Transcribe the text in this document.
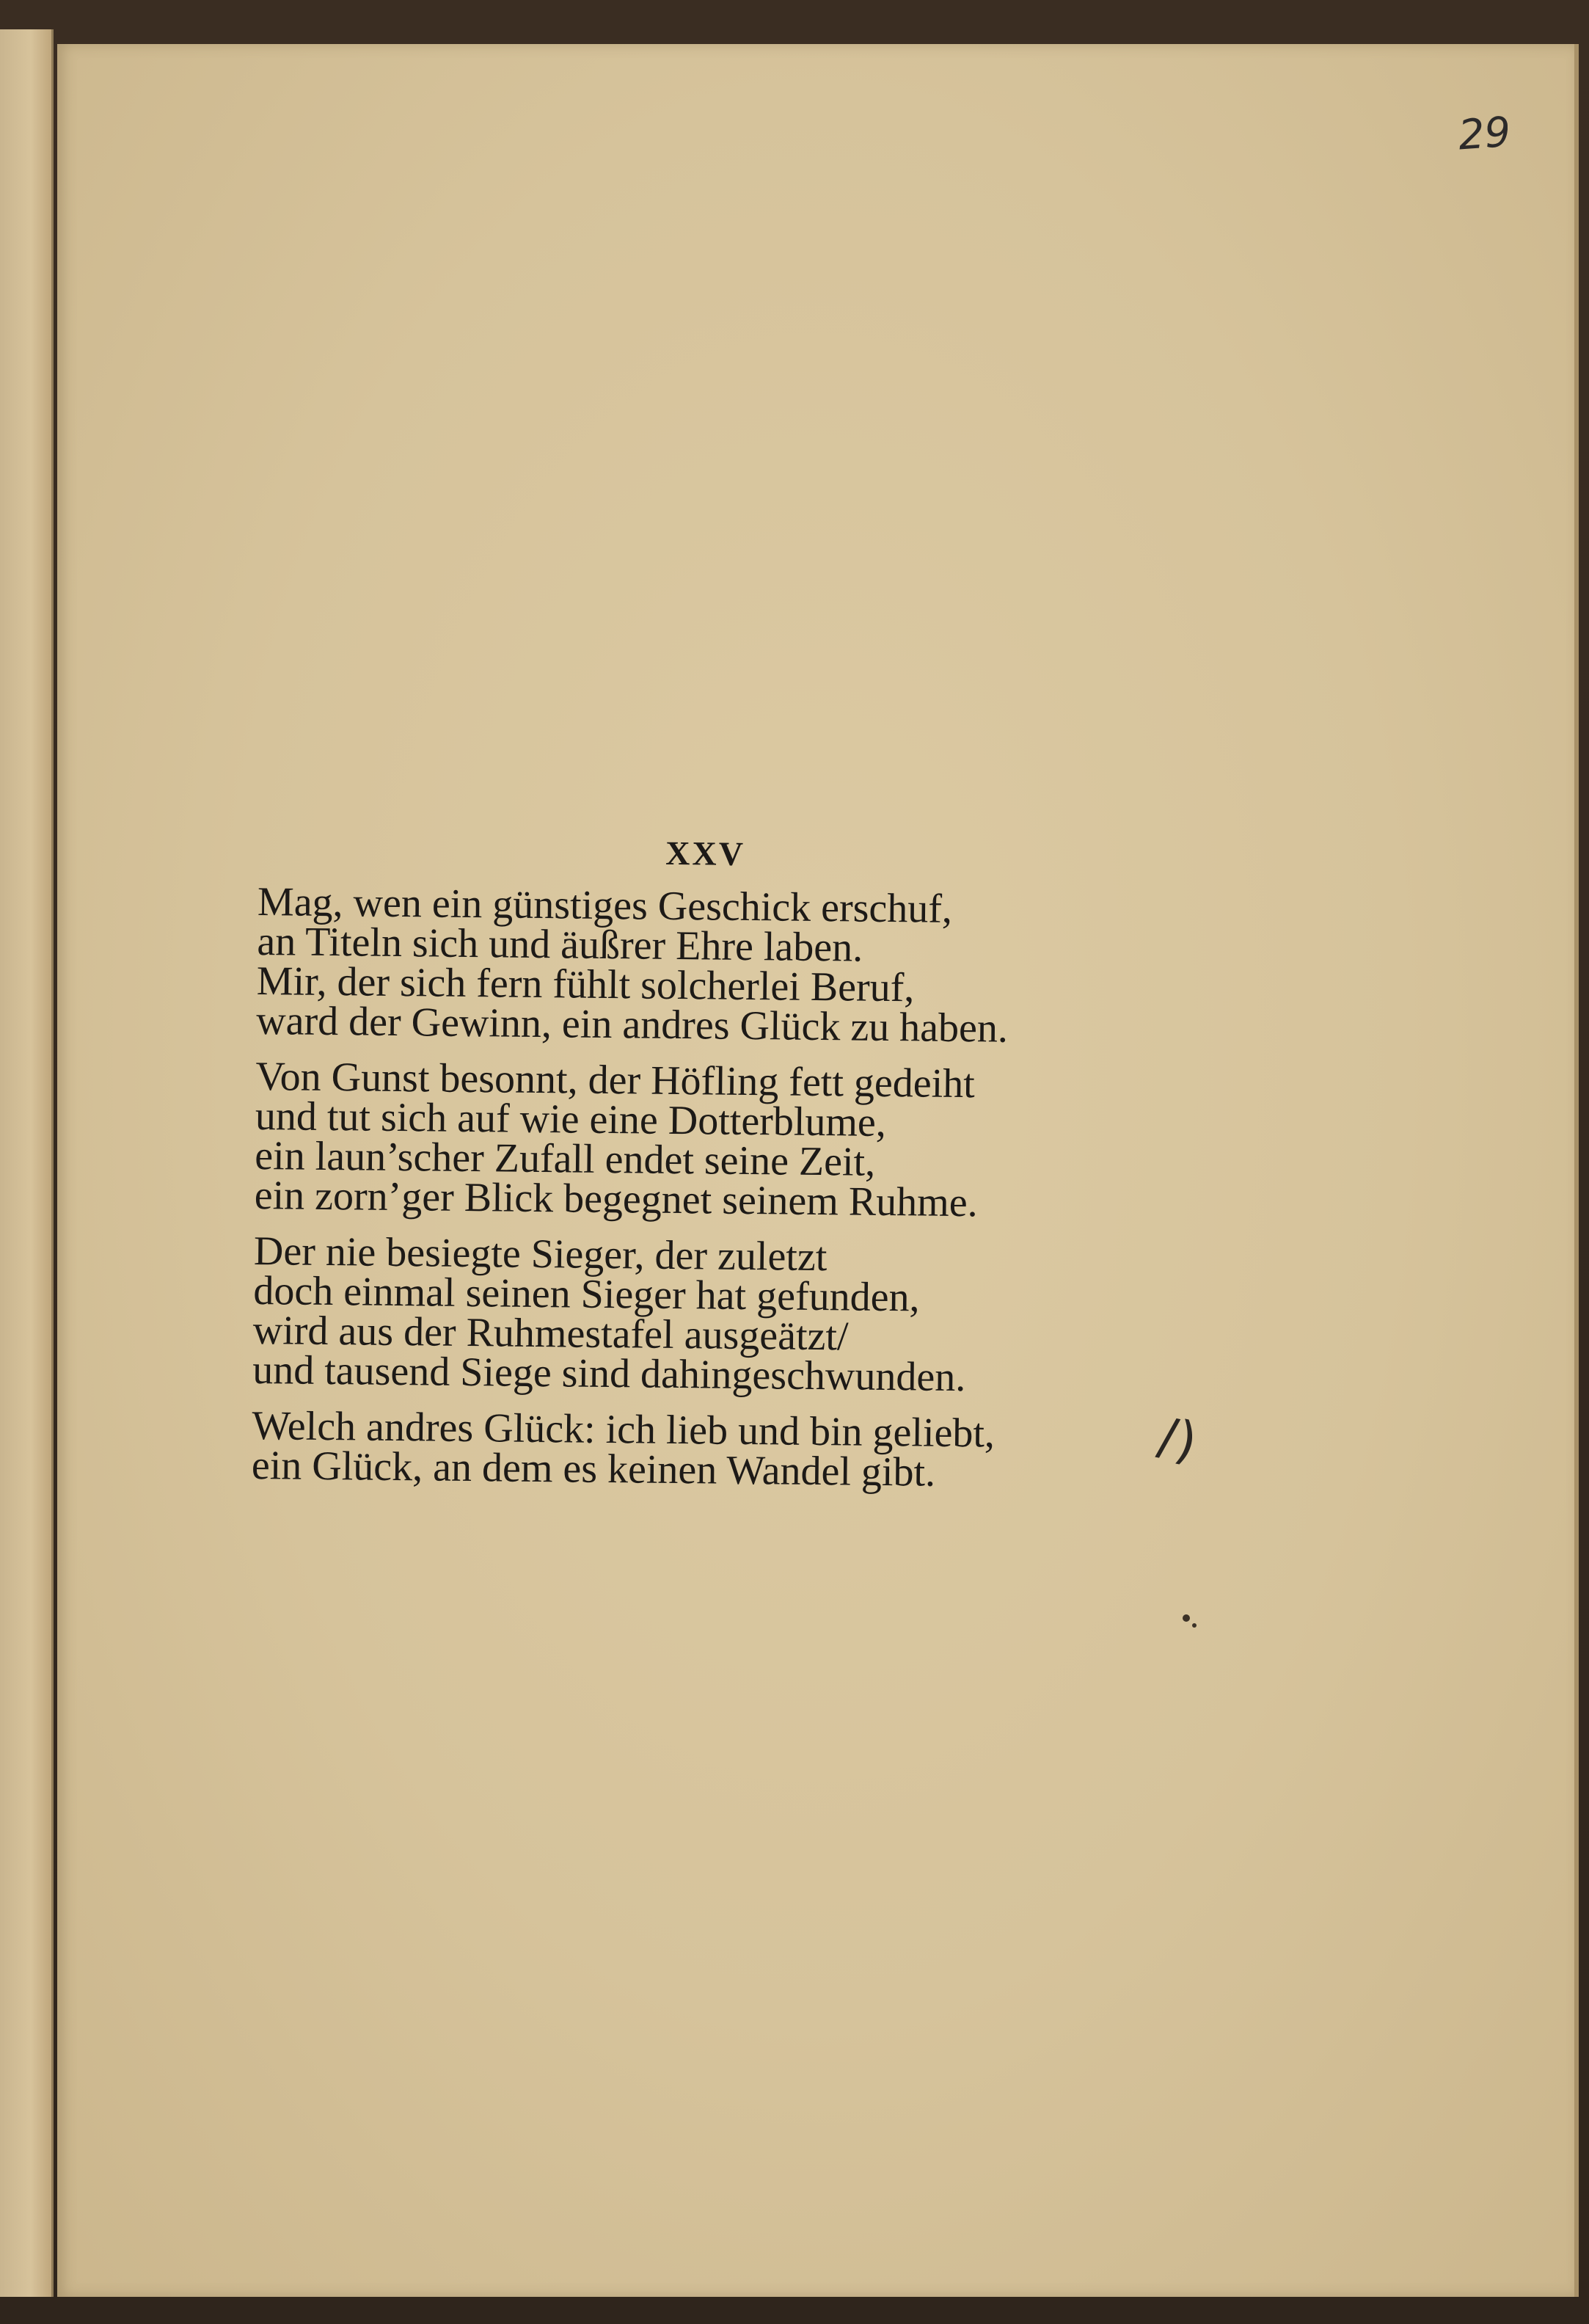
29
XXV
Mag, wen ein günstiges Geschick erschuf,
an Titeln sich und äußrer Ehre laben.
Mir, der sich fern fühlt solcherlei Beruf,
ward der Gewinn, ein andres Glück zu haben.
Von Gunst besonnt, der Höfling fett gedeiht
und tut sich auf wie eine Dotterblume,
ein laun’scher Zufall endet seine Zeit,
ein zorn’ger Blick begegnet seinem Ruhme.
Der nie besiegte Sieger, der zuletzt
doch einmal seinen Sieger hat gefunden,
wird aus der Ruhmestafel ausgeätzt/
und tausend Siege sind dahingeschwunden.
Welch andres Glück: ich lieb und bin geliebt,
ein Glück, an dem es keinen Wandel gibt.	/)
